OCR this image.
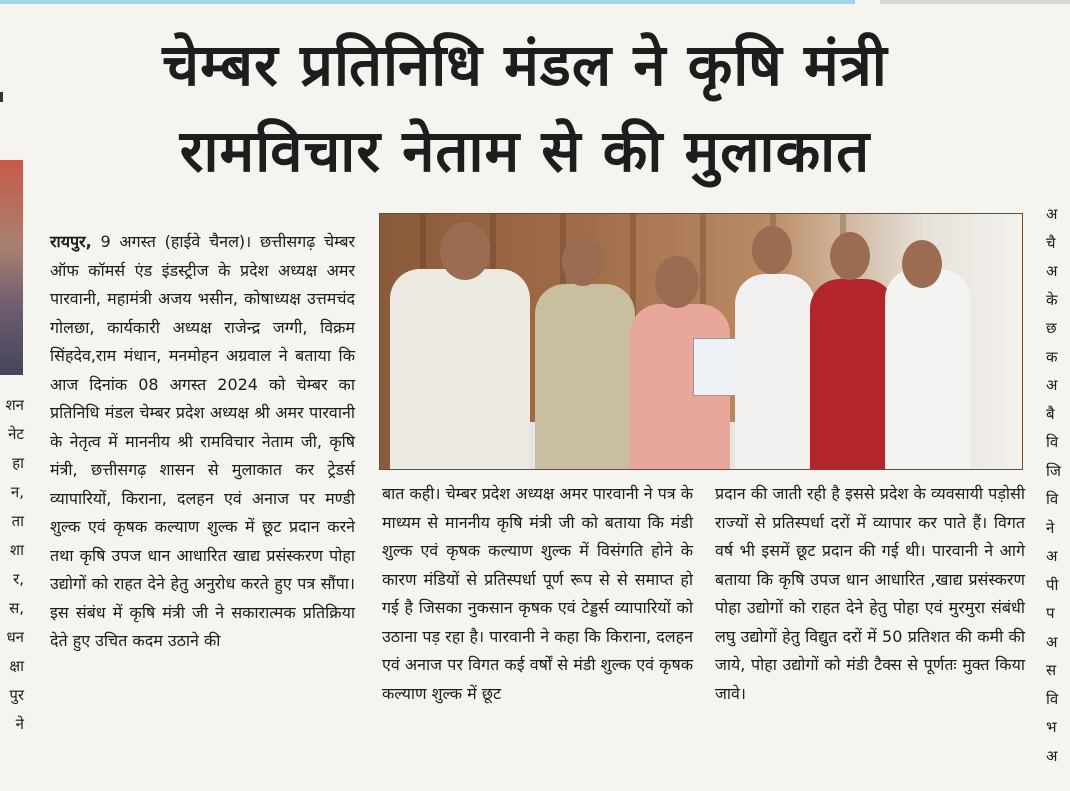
चेम्बर प्रतिनिधि मंडल ने कृषि मंत्री
रामविचार नेताम से की मुलाकात
शन
नेट
हा
न,
ता
शा
र,
स,
धन
क्षा
पुर
ने

रायपुर, 9 अगस्त (हाईवे चैनल)। छत्तीसगढ़ चेम्बर ऑफ कॉमर्स एंड इंडस्ट्रीज के प्रदेश अध्यक्ष अमर पारवानी, महामंत्री अजय भसीन, कोषाध्यक्ष उत्तमचंद गोलछा, कार्यकारी अध्यक्ष राजेन्द्र जग्गी, विक्रम सिंहदेव,राम मंधान, मनमोहन अग्रवाल ने बताया कि आज दिनांक 08 अगस्त 2024 को चेम्बर का प्रतिनिधि मंडल चेम्बर प्रदेश अध्यक्ष श्री अमर पारवानी के नेतृत्व में माननीय श्री रामविचार नेताम जी, कृषि मंत्री, छत्तीसगढ़ शासन से मुलाकात कर ट्रेडर्स व्यापारियों, किराना, दलहन एवं अनाज पर मण्डी शुल्क एवं कृषक कल्याण शुल्क में छूट प्रदान करने तथा कृषि उपज धान आधारित खाद्य प्रसंस्करण पोहा उद्योगों को राहत देने हेतु अनुरोध करते हुए पत्र सौंपा। इस संबंध में कृषि मंत्री जी ने सकारात्मक प्रतिक्रिया देते हुए उचित कदम उठाने की

बात कही। चेम्बर प्रदेश अध्यक्ष अमर पारवानी ने पत्र के माध्यम से माननीय कृषि मंत्री जी को बताया कि मंडी शुल्क एवं कृषक कल्याण शुल्क में विसंगति होने के कारण मंडियों से प्रतिस्पर्धा पूर्ण रूप से से समाप्त हो गई है जिसका नुकसान कृषक एवं टेड्डर्स व्यापारियों को उठाना पड़ रहा है। पारवानी ने कहा कि किराना, दलहन एवं अनाज पर विगत कई वर्षों से मंडी शुल्क एवं कृषक कल्याण शुल्क में छूट

प्रदान की जाती रही है इससे प्रदेश के व्यवसायी पड़ोसी राज्यों से प्रतिस्पर्धा दरों में व्यापार कर पाते हैं। विगत वर्ष भी इसमें छूट प्रदान की गई थी। पारवानी ने आगे बताया कि कृषि उपज धान आधारित ,खाद्य प्रसंस्करण पोहा उद्योगों को राहत देने हेतु पोहा एवं मुरमुरा संबंधी लघु उद्योगों हेतु विद्युत दरों में 50 प्रतिशत की कमी की जाये, पोहा उद्योगों को मंडी टैक्स से पूर्णतः मुक्त किया जावे।

अ
चै
अ
के
छ
क
अ
बै
वि
जि
वि
ने
अ
पी
प
अ
स
वि
भ
अ
